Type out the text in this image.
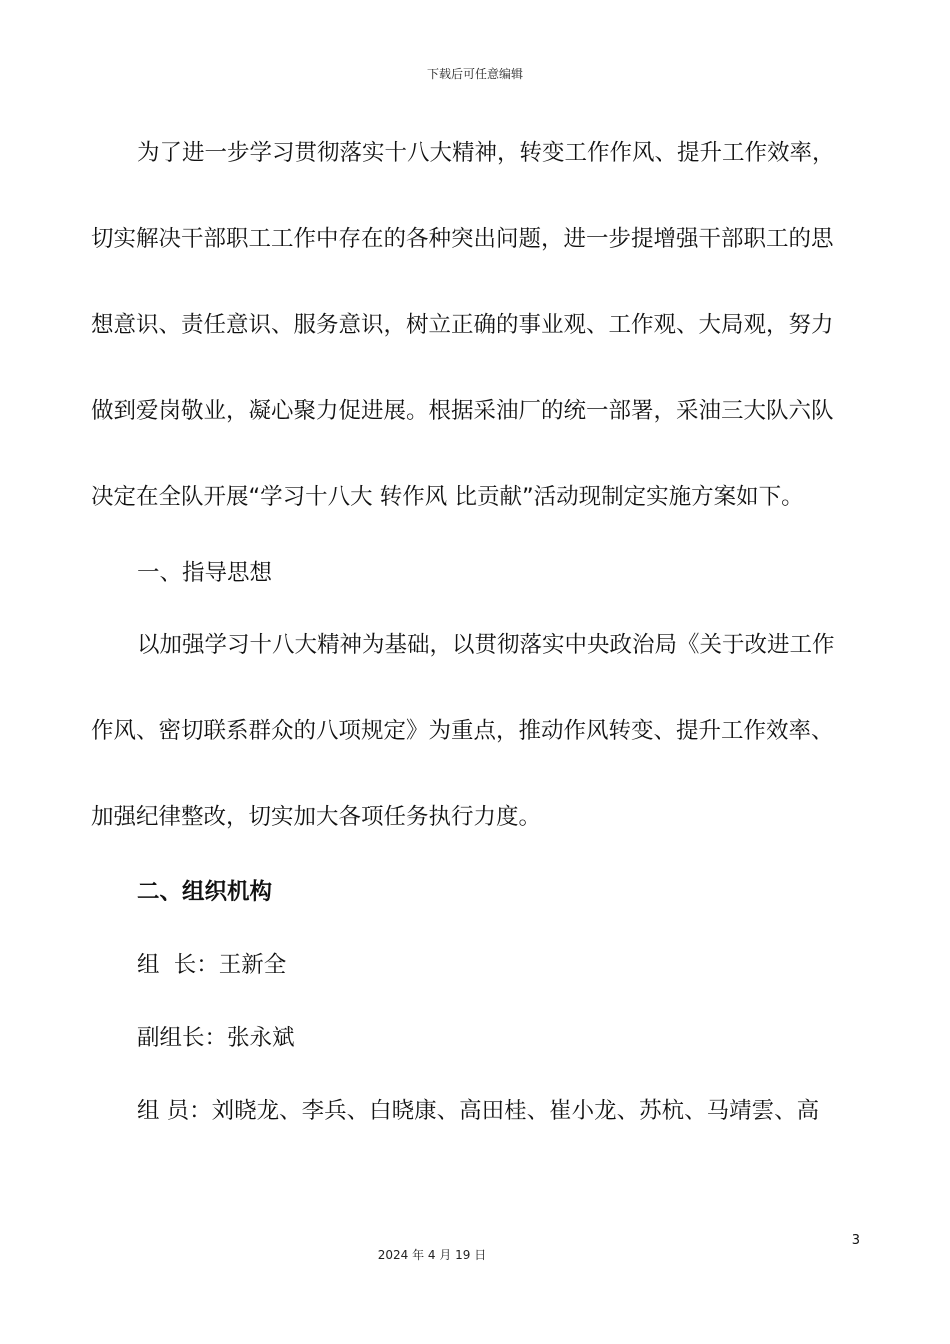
下载后可任意编辑
为了进一步学习贯彻落实十八大精神，转变工作作风、提升工作效率，
切实解决干部职工工作中存在的各种突出问题，进一步提增强干部职工的思
想意识、责任意识、服务意识，树立正确的事业观、工作观、大局观，努力
做到爱岗敬业，凝心聚力促进展。根据采油厂的统一部署，采油三大队六队
决定在全队开展“学习十八大 转作风 比贡献”活动现制定实施方案如下。
一、指导思想
以加强学习十八大精神为基础，以贯彻落实中央政治局《关于改进工作
作风、密切联系群众的八项规定》为重点，推动作风转变、提升工作效率、
加强纪律整改，切实加大各项任务执行力度。
二、组织机构
组  长：王新全
副组长：张永斌
组 员：刘晓龙、李兵、白晓康、高田桂、崔小龙、苏杭、马靖雲、高
3
2024 年 4 月 19 日
